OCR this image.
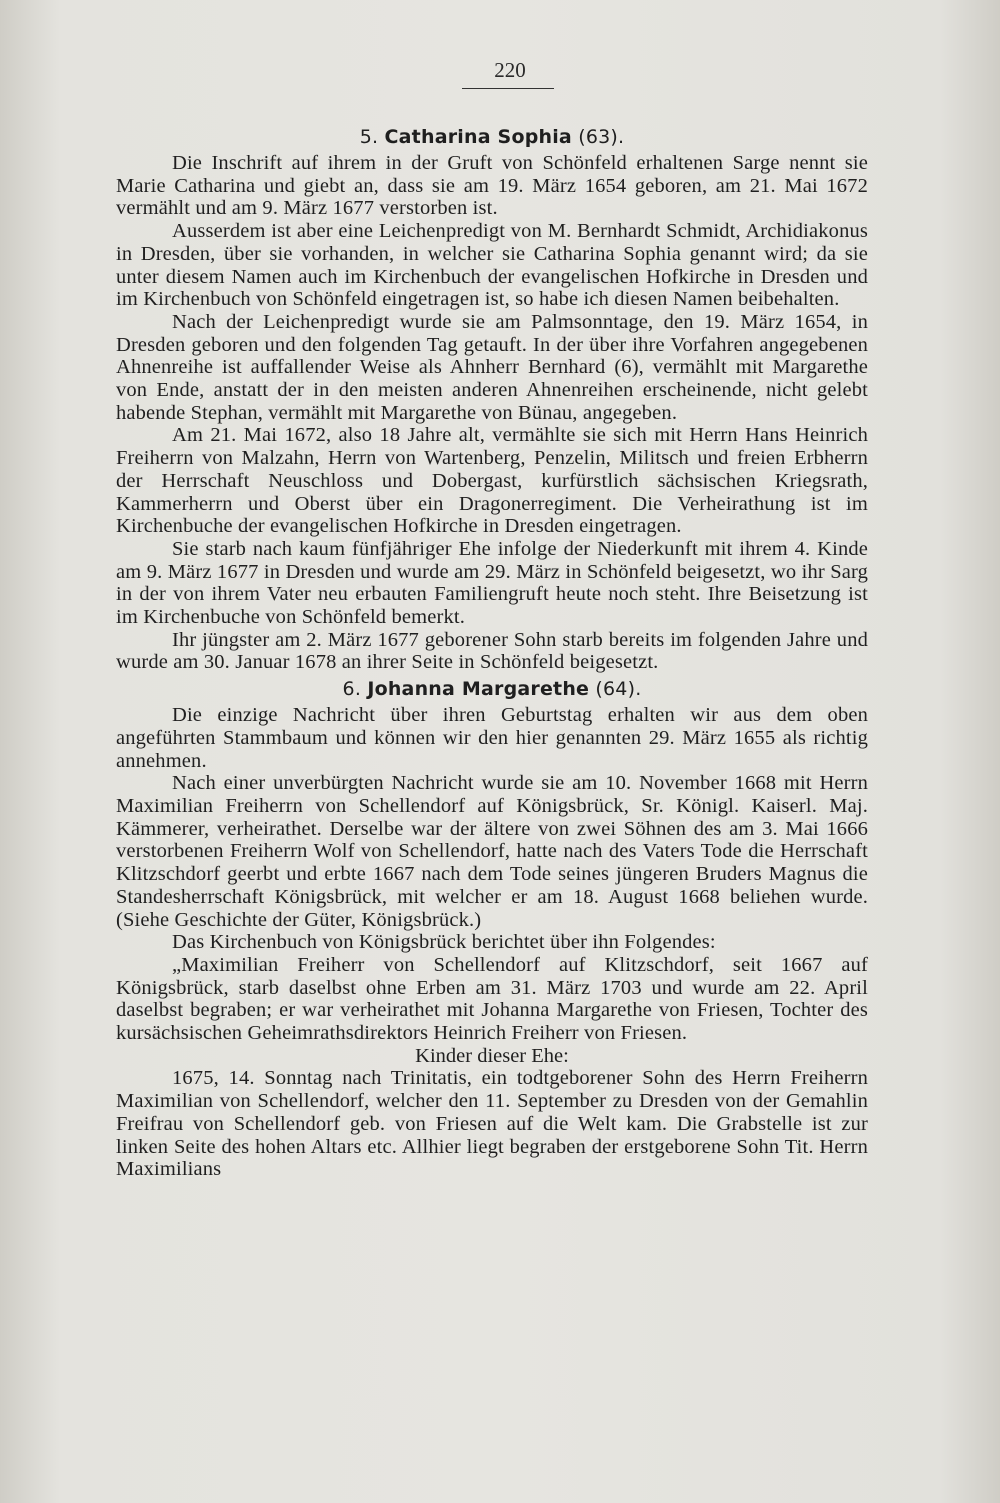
220
5. Catharina Sophia (63).

Die Inschrift auf ihrem in der Gruft von Schönfeld erhaltenen Sarge nennt sie Marie Catharina und giebt an, dass sie am 19. März 1654 geboren, am 21. Mai 1672 vermählt und am 9. März 1677 verstorben ist.

Ausserdem ist aber eine Leichenpredigt von M. Bernhardt Schmidt, Archidiakonus in Dresden, über sie vorhanden, in welcher sie Catharina Sophia genannt wird; da sie unter diesem Namen auch im Kirchenbuch der evangelischen Hofkirche in Dresden und im Kirchenbuch von Schönfeld eingetragen ist, so habe ich diesen Namen beibehalten.

Nach der Leichenpredigt wurde sie am Palmsonntage, den 19. März 1654, in Dresden geboren und den folgenden Tag getauft. In der über ihre Vorfahren angegebenen Ahnenreihe ist auffallender Weise als Ahnherr Bernhard (6), vermählt mit Margarethe von Ende, anstatt der in den meisten anderen Ahnenreihen erscheinende, nicht gelebt habende Stephan, vermählt mit Margarethe von Bünau, angegeben.

Am 21. Mai 1672, also 18 Jahre alt, vermählte sie sich mit Herrn Hans Heinrich Freiherrn von Malzahn, Herrn von Wartenberg, Penzelin, Militsch und freien Erbherrn der Herrschaft Neuschloss und Dobergast, kurfürstlich sächsischen Kriegsrath, Kammerherrn und Oberst über ein Dragonerregiment. Die Verheirathung ist im Kirchenbuche der evangelischen Hofkirche in Dresden eingetragen.

Sie starb nach kaum fünfjähriger Ehe infolge der Niederkunft mit ihrem 4. Kinde am 9. März 1677 in Dresden und wurde am 29. März in Schönfeld beigesetzt, wo ihr Sarg in der von ihrem Vater neu erbauten Familiengruft heute noch steht. Ihre Beisetzung ist im Kirchenbuche von Schönfeld bemerkt.

Ihr jüngster am 2. März 1677 geborener Sohn starb bereits im folgenden Jahre und wurde am 30. Januar 1678 an ihrer Seite in Schönfeld beigesetzt.

6. Johanna Margarethe (64).

Die einzige Nachricht über ihren Geburtstag erhalten wir aus dem oben angeführten Stammbaum und können wir den hier genannten 29. März 1655 als richtig annehmen.

Nach einer unverbürgten Nachricht wurde sie am 10. November 1668 mit Herrn Maximilian Freiherrn von Schellendorf auf Königsbrück, Sr. Königl. Kaiserl. Maj. Kämmerer, verheirathet. Derselbe war der ältere von zwei Söhnen des am 3. Mai 1666 verstorbenen Freiherrn Wolf von Schellendorf, hatte nach des Vaters Tode die Herrschaft Klitzschdorf geerbt und erbte 1667 nach dem Tode seines jüngeren Bruders Magnus die Standesherrschaft Königsbrück, mit welcher er am 18. August 1668 beliehen wurde. (Siehe Geschichte der Güter, Königsbrück.)

Das Kirchenbuch von Königsbrück berichtet über ihn Folgendes:

„Maximilian Freiherr von Schellendorf auf Klitzschdorf, seit 1667 auf Königsbrück, starb daselbst ohne Erben am 31. März 1703 und wurde am 22. April daselbst begraben; er war verheirathet mit Johanna Margarethe von Friesen, Tochter des kursächsischen Geheimrathsdirektors Heinrich Freiherr von Friesen.

Kinder dieser Ehe:

1675, 14. Sonntag nach Trinitatis, ein todtgeborener Sohn des Herrn Freiherrn Maximilian von Schellendorf, welcher den 11. September zu Dresden von der Gemahlin Freifrau von Schellendorf geb. von Friesen auf die Welt kam. Die Grabstelle ist zur linken Seite des hohen Altars etc. Allhier liegt begraben der erstgeborene Sohn Tit. Herrn Maximilians
